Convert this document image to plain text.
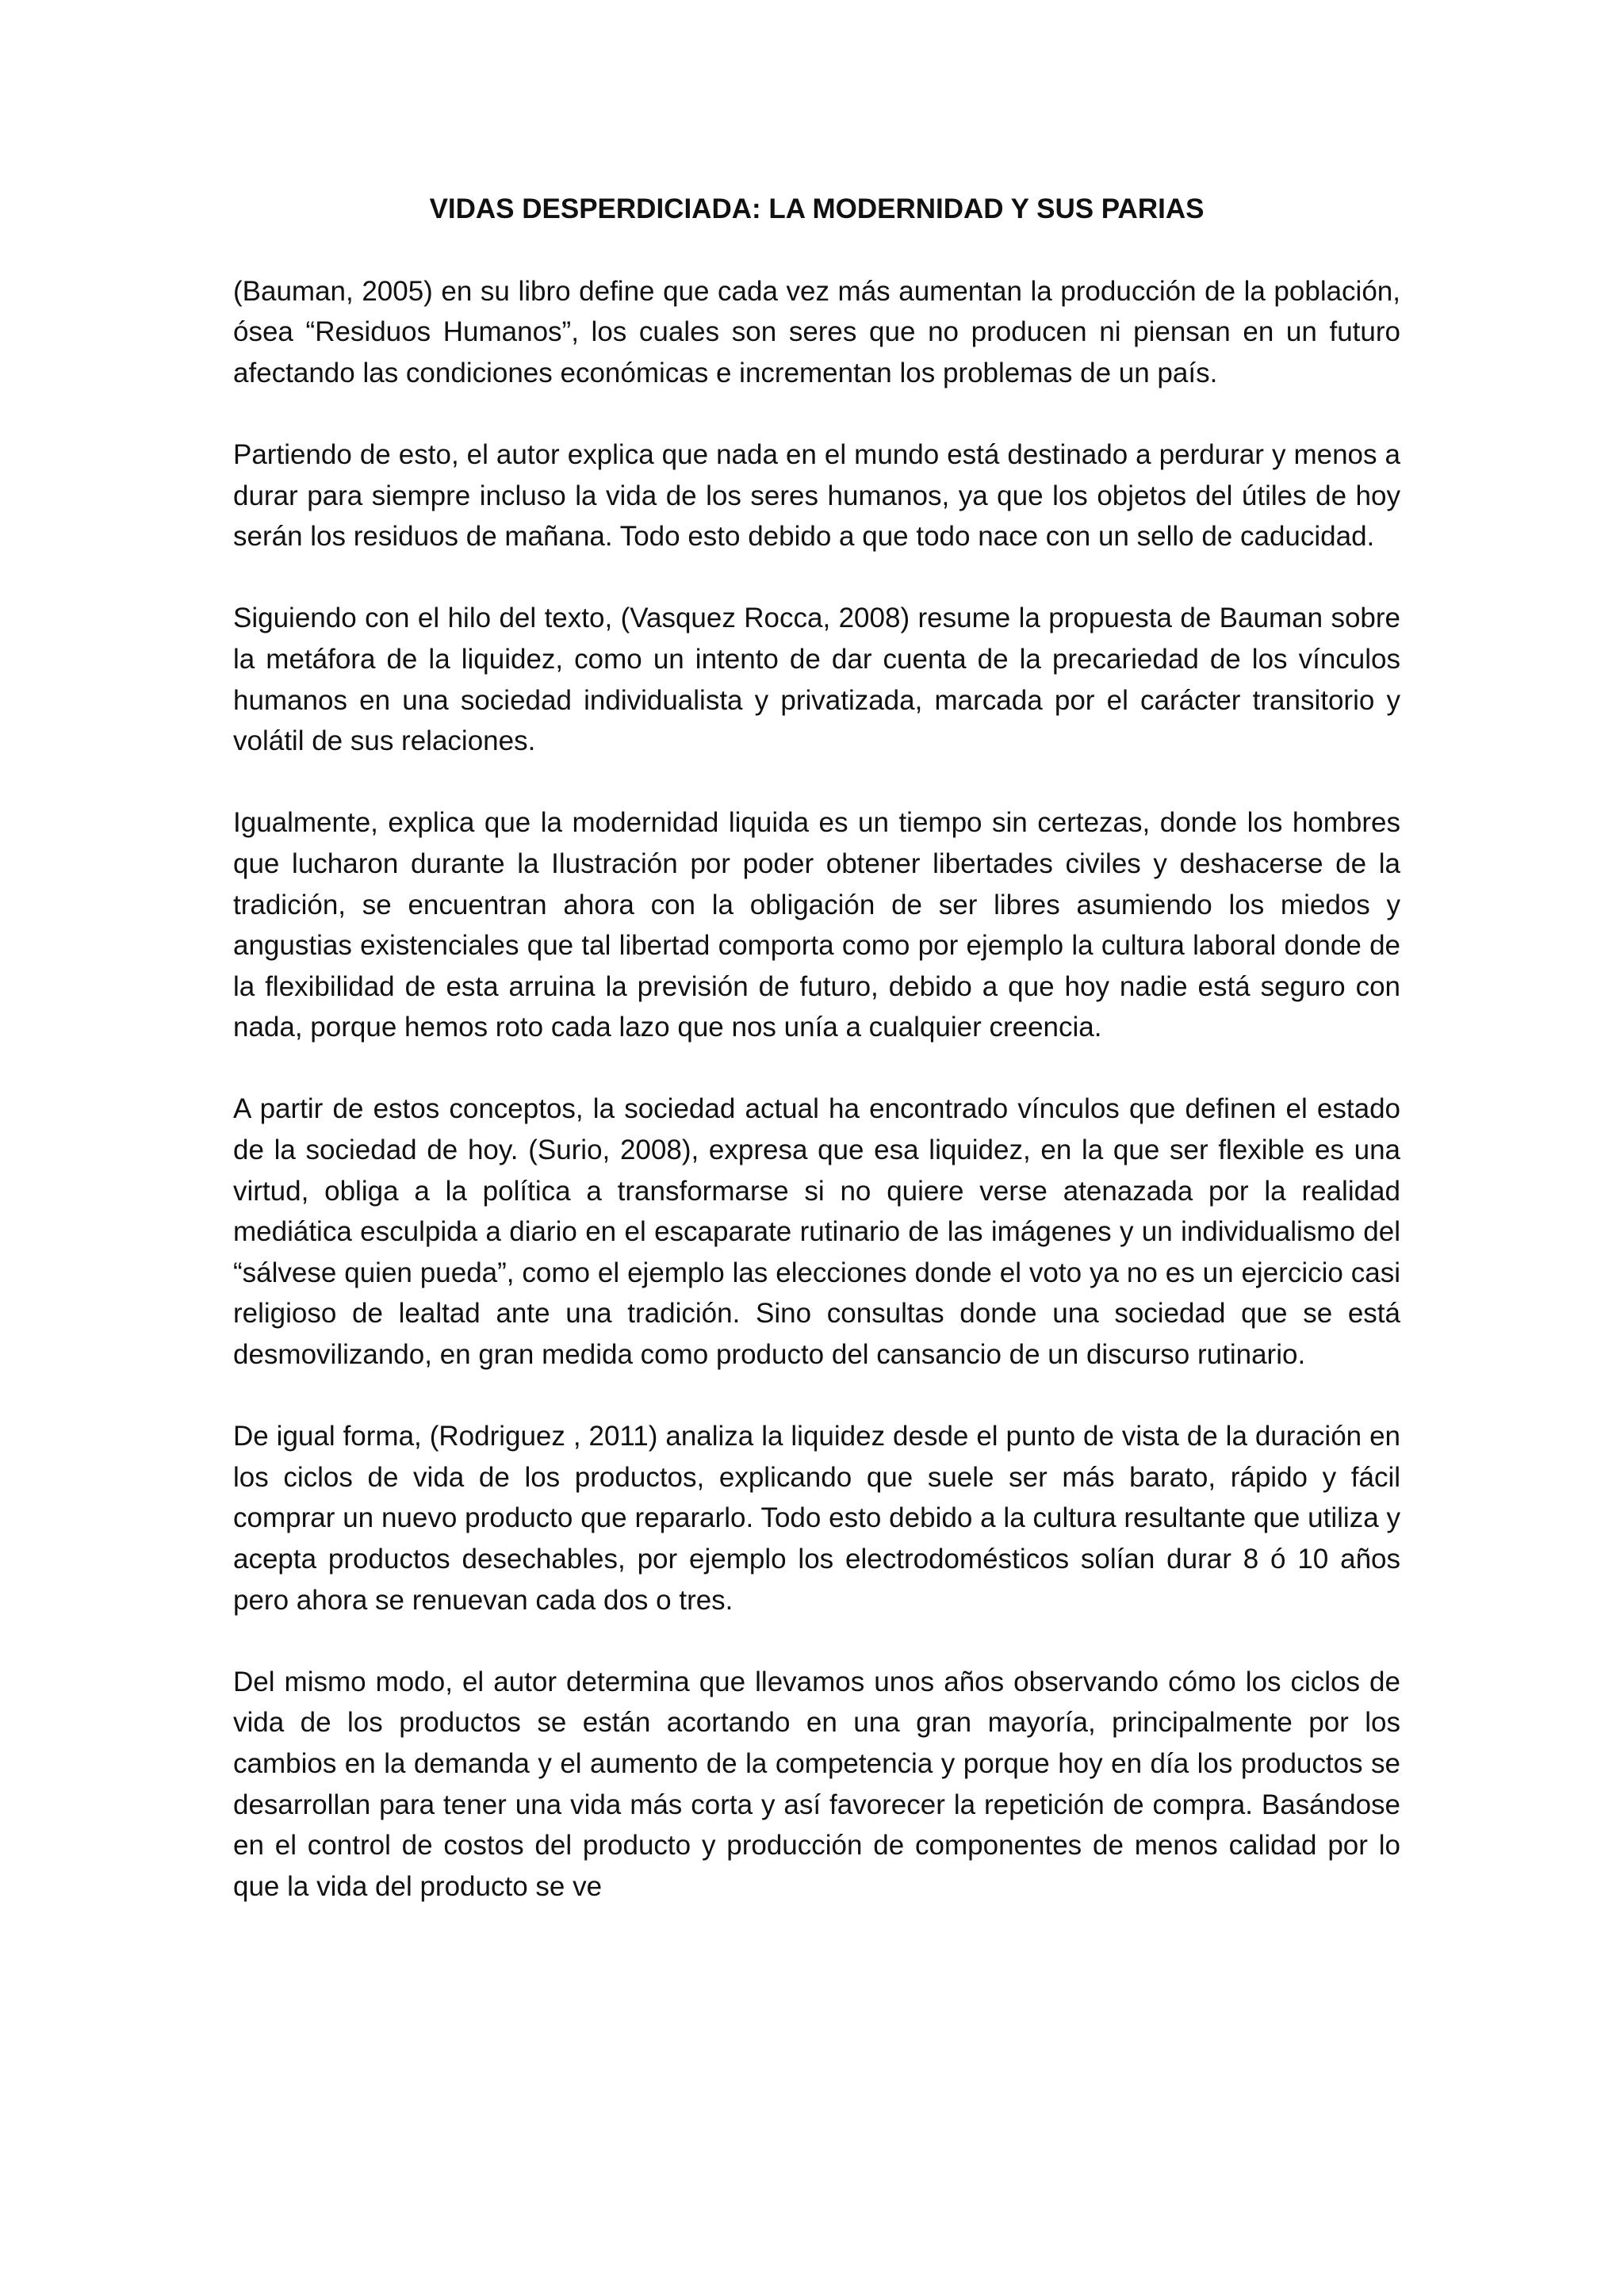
VIDAS DESPERDICIADA: LA MODERNIDAD Y SUS PARIAS

(Bauman, 2005) en su libro define que cada vez más aumentan la producción de la población, ósea “Residuos Humanos”, los cuales son seres que no producen ni piensan en un futuro afectando las condiciones económicas e incrementan los problemas de un país.

Partiendo de esto, el autor explica que nada en el mundo está destinado a perdurar y menos a durar para siempre incluso la vida de los seres humanos, ya que los objetos del útiles de hoy serán los residuos de mañana. Todo esto debido a que todo nace con un sello de caducidad.

Siguiendo con el hilo del texto, (Vasquez Rocca, 2008) resume la propuesta de Bauman sobre la metáfora de la liquidez, como un intento de dar cuenta de la precariedad de los vínculos humanos en una sociedad individualista y privatizada, marcada por el carácter transitorio y volátil de sus relaciones.

Igualmente, explica que la modernidad liquida es un tiempo sin certezas, donde los hombres que lucharon durante la Ilustración por poder obtener libertades civiles y deshacerse de la tradición, se encuentran ahora con la obligación de ser libres asumiendo los miedos y angustias existenciales que tal libertad comporta como por ejemplo la cultura laboral donde de la flexibilidad de esta arruina la previsión de futuro, debido a que hoy nadie está seguro con nada, porque hemos roto cada lazo que nos unía a cualquier creencia.

A partir de estos conceptos, la sociedad actual ha encontrado vínculos que definen el estado de la sociedad de hoy. (Surio, 2008), expresa que esa liquidez, en la que ser flexible es una virtud, obliga a la política a transformarse si no quiere verse atenazada por la realidad mediática esculpida a diario en el escaparate rutinario de las imágenes y un individualismo del “sálvese quien pueda”, como el ejemplo las elecciones donde el voto ya no es un ejercicio casi religioso de lealtad ante una tradición. Sino consultas donde una sociedad que se está desmovilizando, en gran medida como producto del cansancio de un discurso rutinario.

De igual forma, (Rodriguez , 2011) analiza la liquidez desde el punto de vista de la duración en los ciclos de vida de los productos, explicando que suele ser más barato, rápido y fácil comprar un nuevo producto que repararlo. Todo esto debido a la cultura resultante que utiliza y acepta productos desechables, por ejemplo los electrodomésticos solían durar 8 ó 10 años pero ahora se renuevan cada dos o tres.

Del mismo modo, el autor determina que llevamos unos años observando cómo los ciclos de vida de los productos se están acortando en una gran mayoría, principalmente por los cambios en la demanda y el aumento de la competencia y porque hoy en día los productos se desarrollan para tener una vida más corta y así favorecer la repetición de compra. Basándose en el control de costos del producto y producción de componentes de menos calidad por lo que la vida del producto se ve
